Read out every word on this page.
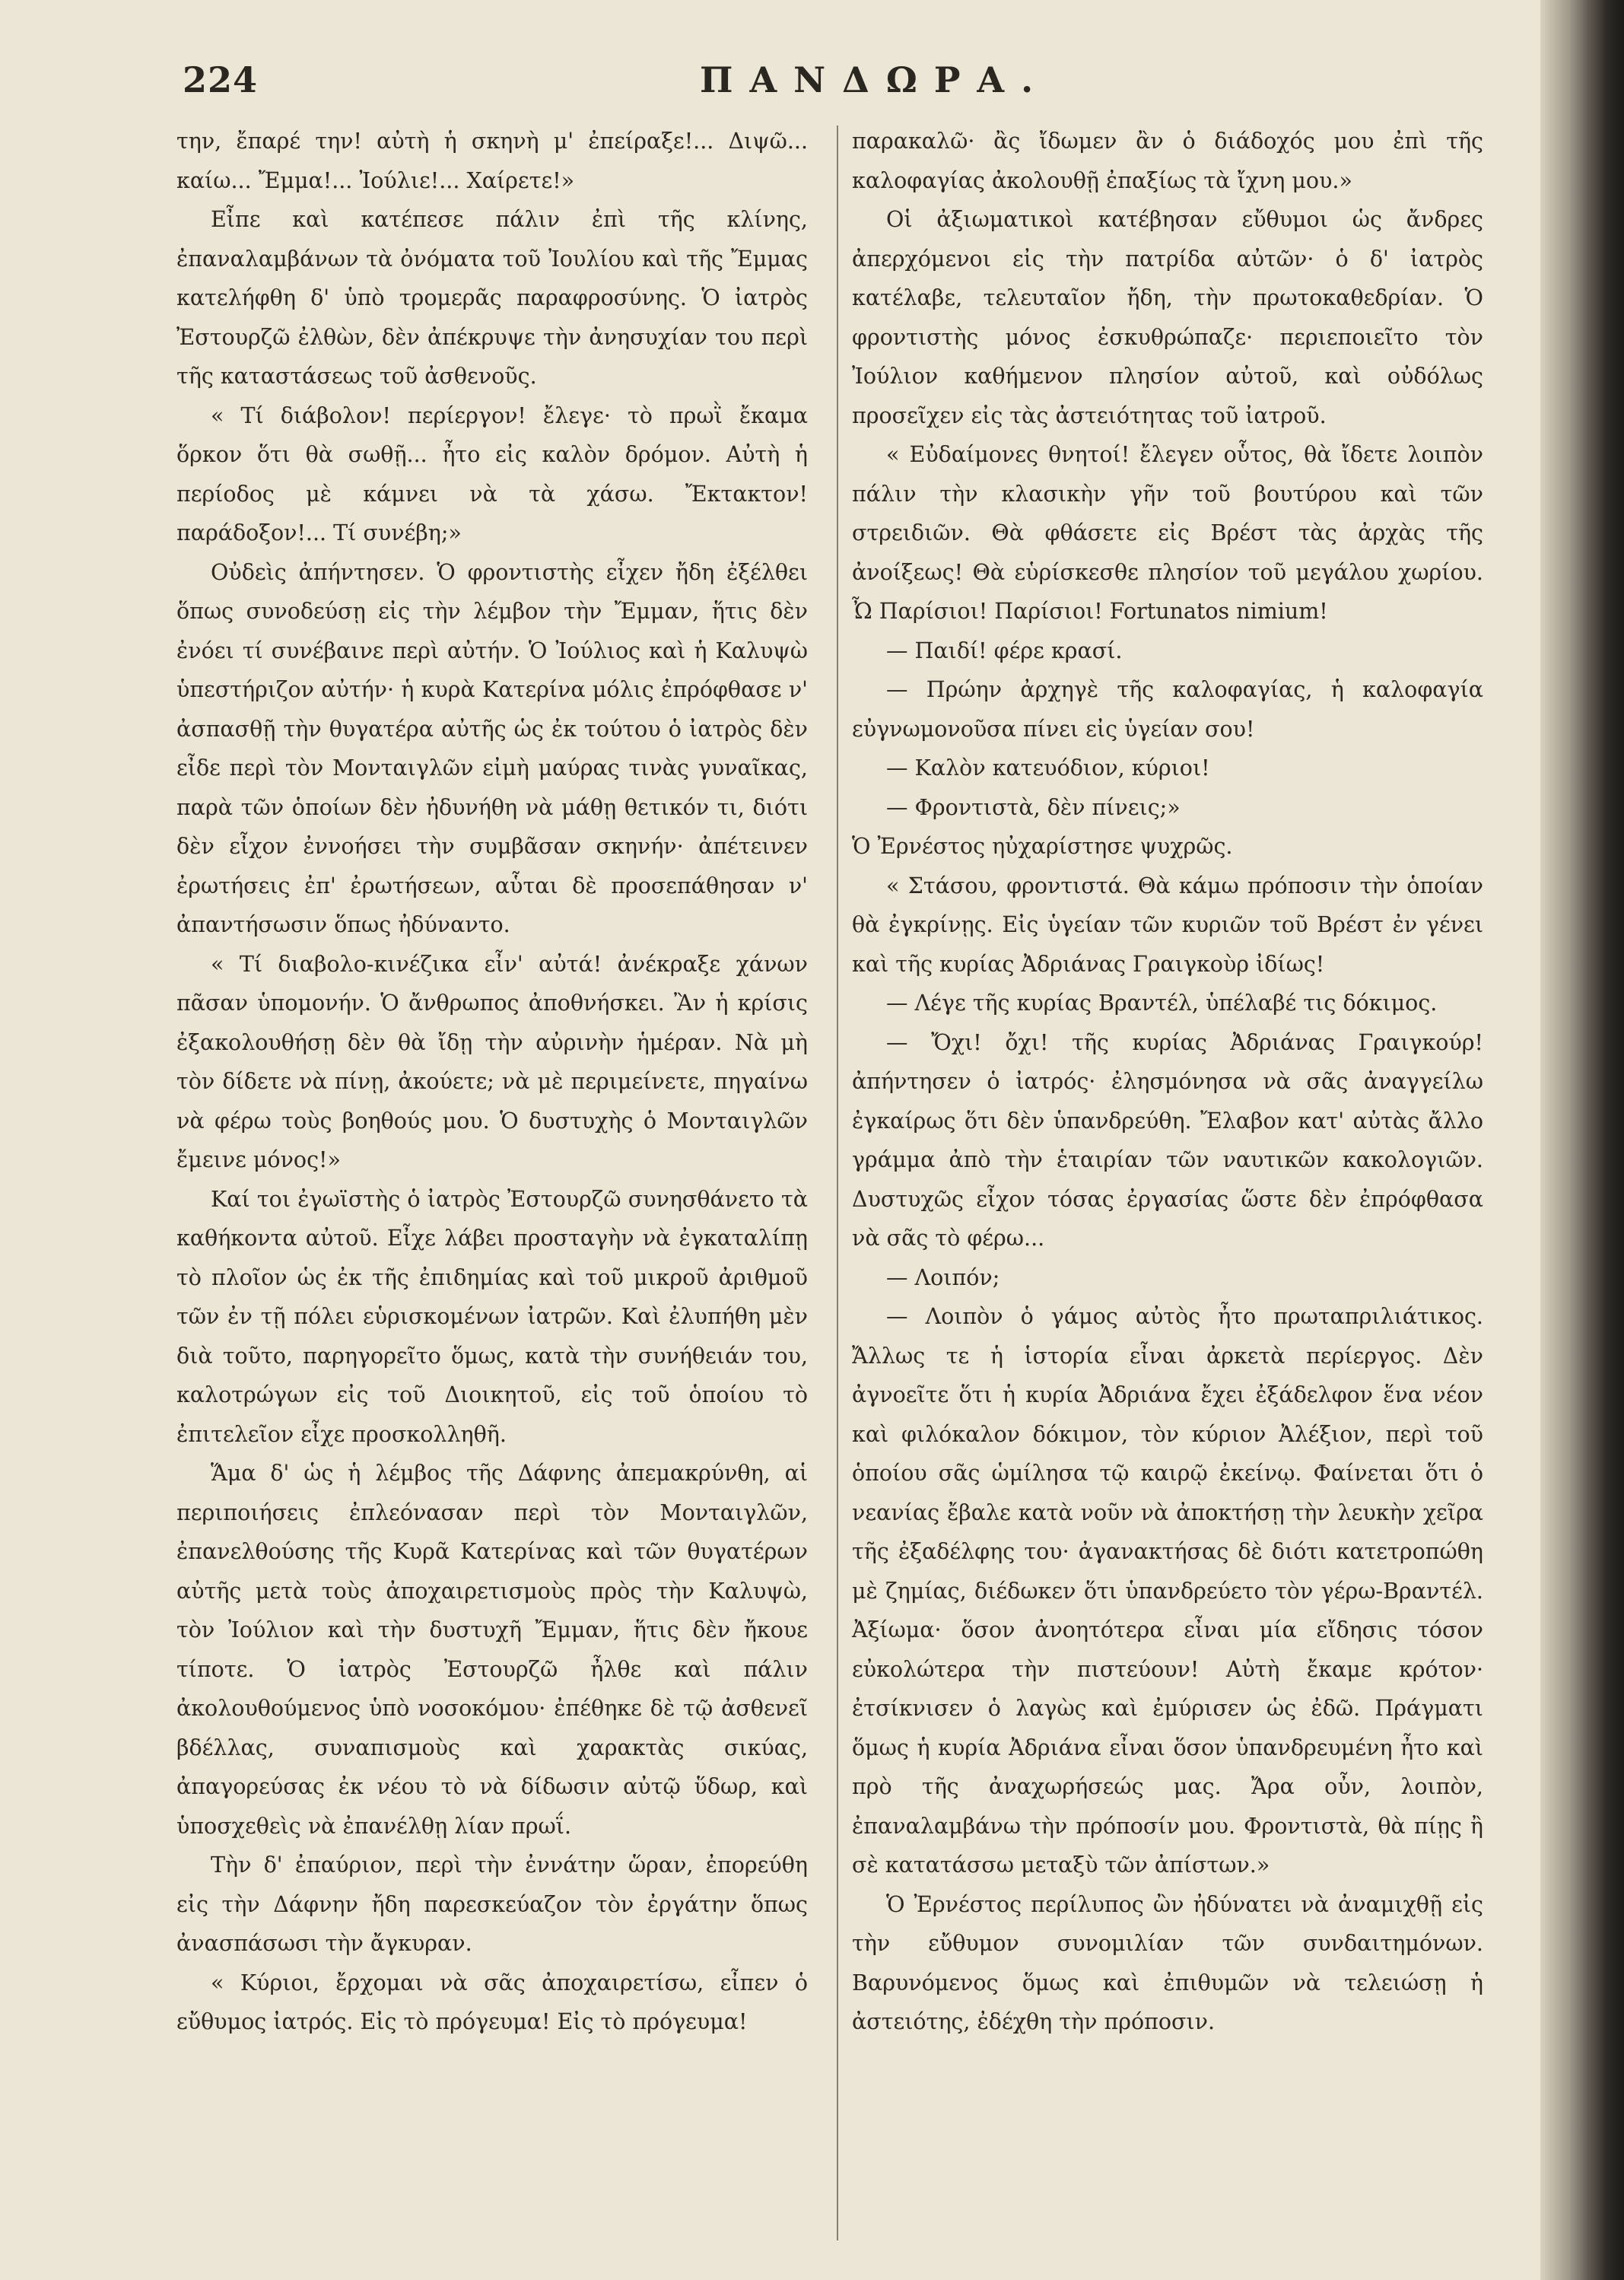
224	ΠΑΝΔΩΡΑ.

την, ἔπαρέ την! αὐτὴ ἡ σκηνὴ μ' ἐπείραξε!... Διψῶ... καίω... Ἔμμα!... Ἰούλιε!... Χαίρετε!»

Εἶπε καὶ κατέπεσε πάλιν ἐπὶ τῆς κλίνης, ἐπαναλαμβάνων τὰ ὀνόματα τοῦ Ἰουλίου καὶ τῆς Ἔμμας κατελήφθη δ' ὑπὸ τρομερᾶς παραφροσύνης. Ὁ ἰατρὸς Ἐστουρζῶ ἐλθὼν, δὲν ἀπέκρυψε τὴν ἀνησυχίαν του περὶ τῆς καταστάσεως τοῦ ἀσθενοῦς.

« Τί διάβολον! περίεργον! ἔλεγε· τὸ πρωῒ ἔκαμα ὅρκον ὅτι θὰ σωθῇ... ἦτο εἰς καλὸν δρόμον. Αὐτὴ ἡ περίοδος μὲ κάμνει νὰ τὰ χάσω. Ἔκτακτον! παράδοξον!... Τί συνέβη;»

Οὐδεὶς ἀπήντησεν. Ὁ φροντιστὴς εἶχεν ἤδη ἐξέλθει ὅπως συνοδεύσῃ εἰς τὴν λέμβον τὴν Ἔμμαν, ἥτις δὲν ἐνόει τί συνέβαινε περὶ αὐτήν. Ὁ Ἰούλιος καὶ ἡ Καλυψὼ ὑπεστήριζον αὐτήν· ἡ κυρὰ Κατερίνα μόλις ἐπρόφθασε ν' ἀσπασθῇ τὴν θυγατέρα αὐτῆς ὡς ἐκ τούτου ὁ ἰατρὸς δὲν εἶδε περὶ τὸν Μονταιγλῶν εἰμὴ μαύρας τινὰς γυναῖκας, παρὰ τῶν ὁποίων δὲν ἠδυνήθη νὰ μάθῃ θετικόν τι, διότι δὲν εἶχον ἐννοήσει τὴν συμβᾶσαν σκηνήν· ἀπέτεινεν ἐρωτήσεις ἐπ' ἐρωτήσεων, αὗται δὲ προσεπάθησαν ν' ἀπαντήσωσιν ὅπως ἠδύναντο.

« Τί διαβολο-κινέζικα εἶν' αὐτά! ἀνέκραξε χάνων πᾶσαν ὑπομονήν. Ὁ ἄνθρωπος ἀποθνήσκει. Ἂν ἡ κρίσις ἐξακολουθήσῃ δὲν θὰ ἴδῃ τὴν αὐρινὴν ἡμέραν. Νὰ μὴ τὸν δίδετε νὰ πίνῃ, ἀκούετε; νὰ μὲ περιμείνετε, πηγαίνω νὰ φέρω τοὺς βοηθούς μου. Ὁ δυστυχὴς ὁ Μονταιγλῶν ἔμεινε μόνος!»

Καί τοι ἐγωϊστὴς ὁ ἰατρὸς Ἐστουρζῶ συνησθάνετο τὰ καθήκοντα αὐτοῦ. Εἶχε λάβει προσταγὴν νὰ ἐγκαταλίπῃ τὸ πλοῖον ὡς ἐκ τῆς ἐπιδημίας καὶ τοῦ μικροῦ ἀριθμοῦ τῶν ἐν τῇ πόλει εὑρισκομένων ἰατρῶν. Καὶ ἐλυπήθη μὲν διὰ τοῦτο, παρηγορεῖτο ὅμως, κατὰ τὴν συνήθειάν του, καλοτρώγων εἰς τοῦ Διοικητοῦ, εἰς τοῦ ὁποίου τὸ ἐπιτελεῖον εἶχε προσκολληθῆ.

Ἅμα δ' ὡς ἡ λέμβος τῆς Δάφνης ἀπεμακρύνθη, αἱ περιποιήσεις ἐπλεόνασαν περὶ τὸν Μονταιγλῶν, ἐπανελθούσης τῆς Κυρᾶ Κατερίνας καὶ τῶν θυγατέρων αὐτῆς μετὰ τοὺς ἀποχαιρετισμοὺς πρὸς τὴν Καλυψὼ, τὸν Ἰούλιον καὶ τὴν δυστυχῆ Ἔμμαν, ἥτις δὲν ἤκουε τίποτε. Ὁ ἰατρὸς Ἐστουρζῶ ἦλθε καὶ πάλιν ἀκολουθούμενος ὑπὸ νοσοκόμου· ἐπέθηκε δὲ τῷ ἀσθενεῖ βδέλλας, συναπισμοὺς καὶ χαρακτὰς σικύας, ἀπαγορεύσας ἐκ νέου τὸ νὰ δίδωσιν αὐτῷ ὕδωρ, καὶ ὑποσχεθεὶς νὰ ἐπανέλθῃ λίαν πρωΐ.

Τὴν δ' ἐπαύριον, περὶ τὴν ἐννάτην ὥραν, ἐπορεύθη εἰς τὴν Δάφνην ἤδη παρεσκεύαζον τὸν ἐργάτην ὅπως ἀνασπάσωσι τὴν ἄγκυραν.

« Κύριοι, ἔρχομαι νὰ σᾶς ἀποχαιρετίσω, εἶπεν ὁ εὔθυμος ἰατρός. Εἰς τὸ πρόγευμα! Εἰς τὸ πρόγευμα!

παρακαλῶ· ἂς ἴδωμεν ἂν ὁ διάδοχός μου ἐπὶ τῆς καλοφαγίας ἀκολουθῇ ἐπαξίως τὰ ἴχνη μου.»

Οἱ ἀξιωματικοὶ κατέβησαν εὔθυμοι ὡς ἄνδρες ἀπερχόμενοι εἰς τὴν πατρίδα αὐτῶν· ὁ δ' ἰατρὸς κατέλαβε, τελευταῖον ἤδη, τὴν πρωτοκαθεδρίαν. Ὁ φροντιστὴς μόνος ἐσκυθρώπαζε· περιεποιεῖτο τὸν Ἰούλιον καθήμενον πλησίον αὐτοῦ, καὶ οὐδόλως προσεῖχεν εἰς τὰς ἀστειότητας τοῦ ἰατροῦ.

« Εὐδαίμονες θνητοί! ἔλεγεν οὗτος, θὰ ἴδετε λοιπὸν πάλιν τὴν κλασικὴν γῆν τοῦ βουτύρου καὶ τῶν στρειδιῶν. Θὰ φθάσετε εἰς Βρέστ τὰς ἀρχὰς τῆς ἀνοίξεως! Θὰ εὑρίσκεσθε πλησίον τοῦ μεγάλου χωρίου. Ὦ Παρίσιοι! Παρίσιοι! Fortunatos nimium!

— Παιδί! φέρε κρασί.

— Πρώην ἀρχηγὲ τῆς καλοφαγίας, ἡ καλοφαγία εὐγνωμονοῦσα πίνει εἰς ὑγείαν σου!

— Καλὸν κατευόδιον, κύριοι!

— Φροντιστὰ, δὲν πίνεις;»

Ὁ Ἐρνέστος ηὐχαρίστησε ψυχρῶς.

« Στάσου, φροντιστά. Θὰ κάμω πρόποσιν τὴν ὁποίαν θὰ ἐγκρίνῃς. Εἰς ὑγείαν τῶν κυριῶν τοῦ Βρέστ ἐν γένει καὶ τῆς κυρίας Ἀδριάνας Γραιγκοὺρ ἰδίως!

— Λέγε τῆς κυρίας Βραντέλ, ὑπέλαβέ τις δόκιμος.

— Ὄχι! ὄχι! τῆς κυρίας Ἀδριάνας Γραιγκούρ! ἀπήντησεν ὁ ἰατρός· ἐλησμόνησα νὰ σᾶς ἀναγγείλω ἐγκαίρως ὅτι δὲν ὑπανδρεύθη. Ἔλαβον κατ' αὐτὰς ἄλλο γράμμα ἀπὸ τὴν ἑταιρίαν τῶν ναυτικῶν κακολογιῶν. Δυστυχῶς εἶχον τόσας ἐργασίας ὥστε δὲν ἐπρόφθασα νὰ σᾶς τὸ φέρω...

— Λοιπόν;

— Λοιπὸν ὁ γάμος αὐτὸς ἦτο πρωταπριλιάτικος. Ἄλλως τε ἡ ἱστορία εἶναι ἀρκετὰ περίεργος. Δὲν ἀγνοεῖτε ὅτι ἡ κυρία Ἀδριάνα ἔχει ἐξάδελφον ἕνα νέον καὶ φιλόκαλον δόκιμον, τὸν κύριον Ἀλέξιον, περὶ τοῦ ὁποίου σᾶς ὡμίλησα τῷ καιρῷ ἐκείνῳ. Φαίνεται ὅτι ὁ νεανίας ἔβαλε κατὰ νοῦν νὰ ἀποκτήσῃ τὴν λευκὴν χεῖρα τῆς ἐξαδέλφης του· ἀγανακτήσας δὲ διότι κατετροπώθη μὲ ζημίας, διέδωκεν ὅτι ὑπανδρεύετο τὸν γέρω-Βραντέλ. Ἀξίωμα· ὅσον ἀνοητότερα εἶναι μία εἴδησις τόσον εὐκολώτερα τὴν πιστεύουν! Αὐτὴ ἔκαμε κρότον· ἐτσίκνισεν ὁ λαγὼς καὶ ἐμύρισεν ὡς ἐδῶ. Πράγματι ὅμως ἡ κυρία Ἀδριάνα εἶναι ὅσον ὑπανδρευμένη ἦτο καὶ πρὸ τῆς ἀναχωρήσεώς μας. Ἄρα οὖν, λοιπὸν, ἐπαναλαμβάνω τὴν πρόποσίν μου. Φροντιστὰ, θὰ πίῃς ἢ σὲ κατατάσσω μεταξὺ τῶν ἀπίστων.»

Ὁ Ἐρνέστος περίλυπος ὢν ἠδύνατει νὰ ἀναμιχθῇ εἰς τὴν εὔθυμον συνομιλίαν τῶν συνδαιτημόνων. Βαρυνόμενος ὅμως καὶ ἐπιθυμῶν νὰ τελειώσῃ ἡ ἀστειότης, ἐδέχθη τὴν πρόποσιν.
